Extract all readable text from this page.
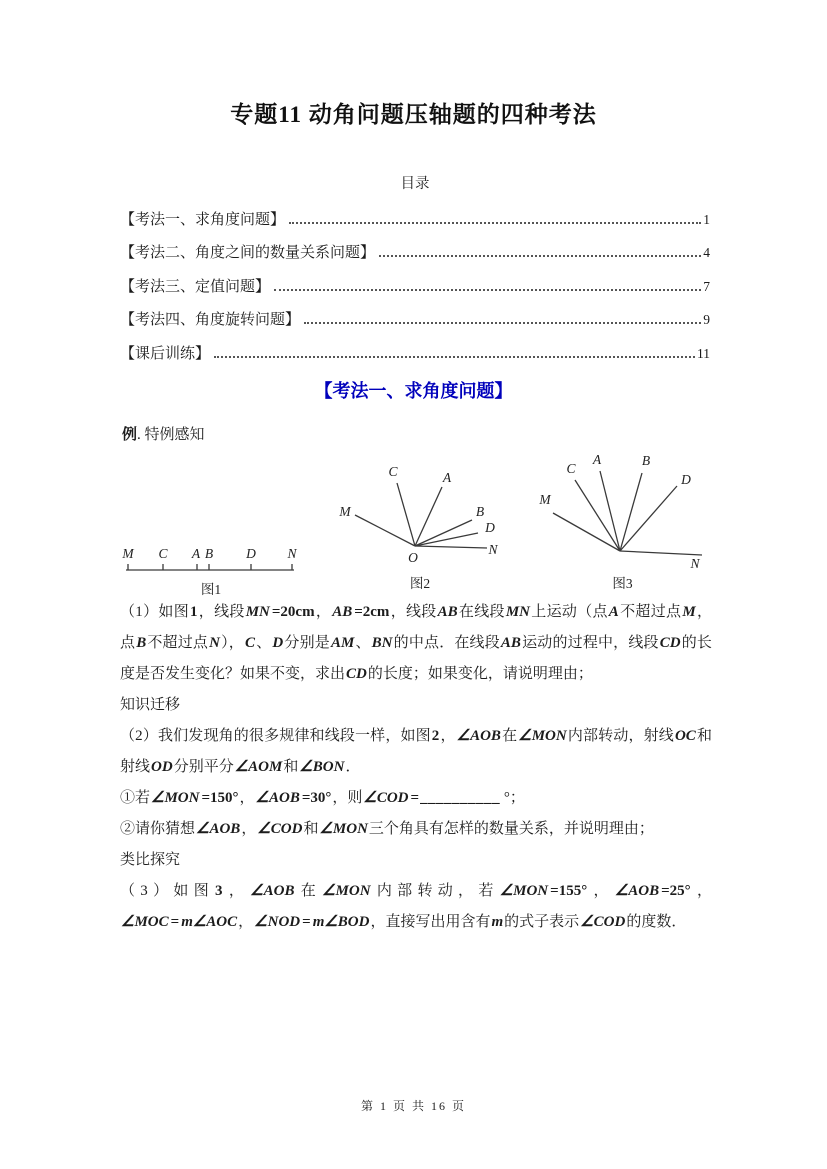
专题11 动角问题压轴题的四种考法
目录
【考法一、求角度问题】	1
【考法二、角度之间的数量关系问题】	4
【考法三、定值问题】	7
【考法四、角度旋转问题】	9
【课后训练】	11
【考法一、求角度问题】
例. 特例感知
M C A B D N
图1
M
C	A
B
D
N
O
图2
M
C
A	B
D
N
图3

（1）如图1，线段MN =20cm，AB =2cm，线段AB在线段MN上运动（点A不超过点M，点B不超过点N），C、D分别是AM、BN的中点．在线段AB运动的过程中，线段CD的长度是否发生变化？如果不变，求出CD的长度；如果变化，请说明理由；

知识迁移

（2）我们发现角的很多规律和线段一样，如图2，∠AOB在∠MON内部转动，射线OC和射线OD分别平分∠AOM和∠BON．

①若∠MON =150°，∠AOB =30°，则∠COD =__________ °；

②请你猜想∠AOB，∠COD和∠MON三个角具有怎样的数量关系，并说明理由；

类比探究

（3）如图3，∠AOB在∠MON内部转动，若∠MON =155°，∠AOB =25°，∠MOC = m∠AOC，∠NOD = m∠BOD，直接写出用含有m的式子表示∠COD的度数．

第 1 页 共 16 页
